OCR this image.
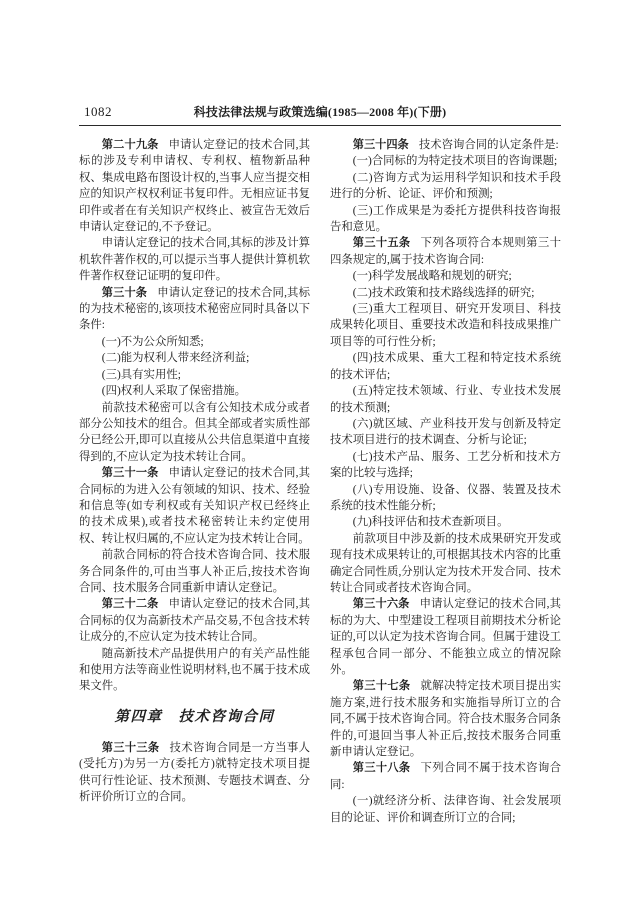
1082	科技法律法规与政策选编(1985—2008 年)(下册)

第二十九条 申请认定登记的技术合同,其标的涉及专利申请权、专利权、植物新品种权、集成电路布图设计权的,当事人应当提交相应的知识产权权利证书复印件。无相应证书复印件或者在有关知识产权终止、被宣告无效后申请认定登记的,不予登记。

申请认定登记的技术合同,其标的涉及计算机软件著作权的,可以提示当事人提供计算机软件著作权登记证明的复印件。

第三十条 申请认定登记的技术合同,其标的为技术秘密的,该项技术秘密应同时具备以下条件:

(一)不为公众所知悉;

(二)能为权利人带来经济利益;

(三)具有实用性;

(四)权利人采取了保密措施。

前款技术秘密可以含有公知技术成分或者部分公知技术的组合。但其全部或者实质性部分已经公开,即可以直接从公共信息渠道中直接得到的,不应认定为技术转让合同。

第三十一条 申请认定登记的技术合同,其合同标的为进入公有领域的知识、技术、经验和信息等(如专利权或有关知识产权已经终止的技术成果),或者技术秘密转让未约定使用权、转让权归属的,不应认定为技术转让合同。

前款合同标的符合技术咨询合同、技术服务合同条件的,可由当事人补正后,按技术咨询合同、技术服务合同重新申请认定登记。

第三十二条 申请认定登记的技术合同,其合同标的仅为高新技术产品交易,不包含技术转让成分的,不应认定为技术转让合同。

随高新技术产品提供用户的有关产品性能和使用方法等商业性说明材料,也不属于技术成果文件。

第四章　技术咨询合同

第三十三条 技术咨询合同是一方当事人(受托方)为另一方(委托方)就特定技术项目提供可行性论证、技术预测、专题技术调查、分析评价所订立的合同。

第三十四条 技术咨询合同的认定条件是:

(一)合同标的为特定技术项目的咨询课题;

(二)咨询方式为运用科学知识和技术手段进行的分析、论证、评价和预测;

(三)工作成果是为委托方提供科技咨询报告和意见。

第三十五条 下列各项符合本规则第三十四条规定的,属于技术咨询合同:

(一)科学发展战略和规划的研究;

(二)技术政策和技术路线选择的研究;

(三)重大工程项目、研究开发项目、科技成果转化项目、重要技术改造和科技成果推广项目等的可行性分析;

(四)技术成果、重大工程和特定技术系统的技术评估;

(五)特定技术领域、行业、专业技术发展的技术预测;

(六)就区域、产业科技开发与创新及特定技术项目进行的技术调查、分析与论证;

(七)技术产品、服务、工艺分析和技术方案的比较与选择;

(八)专用设施、设备、仪器、装置及技术系统的技术性能分析;

(九)科技评估和技术查新项目。

前款项目中涉及新的技术成果研究开发或现有技术成果转让的,可根据其技术内容的比重确定合同性质,分别认定为技术开发合同、技术转让合同或者技术咨询合同。

第三十六条 申请认定登记的技术合同,其标的为大、中型建设工程项目前期技术分析论证的,可以认定为技术咨询合同。但属于建设工程承包合同一部分、不能独立成立的情况除外。

第三十七条 就解决特定技术项目提出实施方案,进行技术服务和实施指导所订立的合同,不属于技术咨询合同。符合技术服务合同条件的,可退回当事人补正后,按技术服务合同重新申请认定登记。

第三十八条 下列合同不属于技术咨询合同:

(一)就经济分析、法律咨询、社会发展项目的论证、评价和调查所订立的合同;
